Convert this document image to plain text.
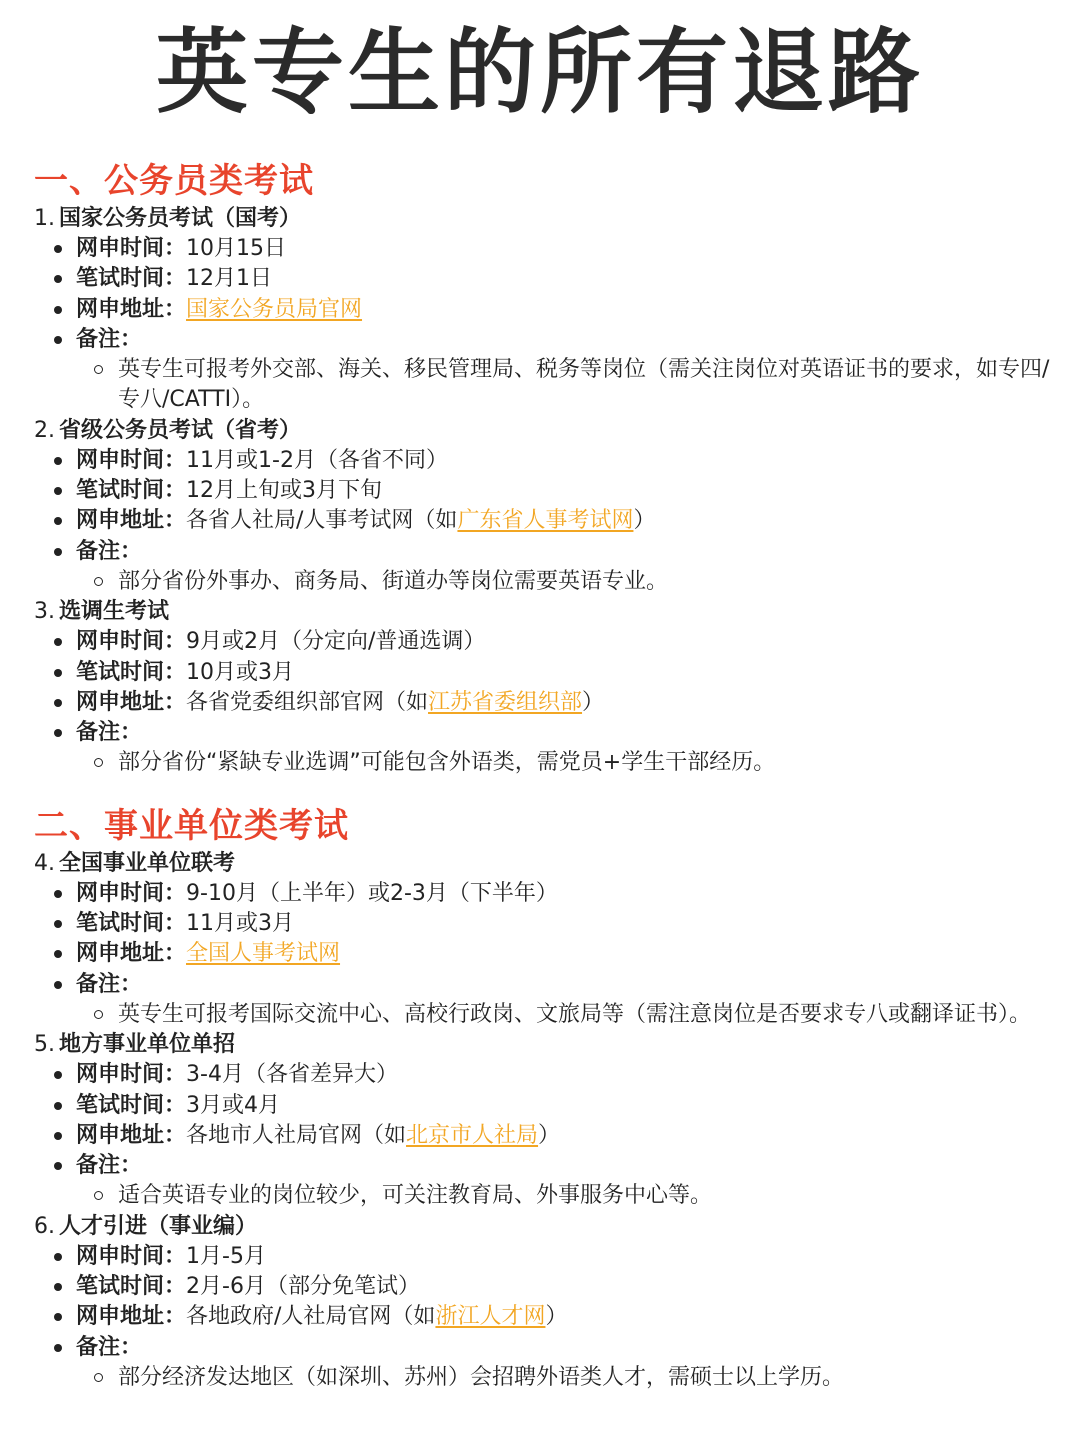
英专生的所有退路
一、公务员类考试
1. 国家公务员考试（国考）
网申时间：10月15日
笔试时间：12月1日
网申地址：国家公务员局官网
备注：
英专生可报考外交部、海关、移民管理局、税务等岗位（需关注岗位对英语证书的要求，如专四/专八/CATTI）。
2. 省级公务员考试（省考）
网申时间：11月或1-2月（各省不同）
笔试时间：12月上旬或3月下旬
网申地址：各省人社局/人事考试网（如广东省人事考试网）
备注：
部分省份外事办、商务局、街道办等岗位需要英语专业。
3. 选调生考试
网申时间：9月或2月（分定向/普通选调）
笔试时间：10月或3月
网申地址：各省党委组织部官网（如江苏省委组织部）
备注：
部分省份“紧缺专业选调”可能包含外语类，需党员+学生干部经历。
二、事业单位类考试
4. 全国事业单位联考
网申时间：9-10月（上半年）或2-3月（下半年）
笔试时间：11月或3月
网申地址：全国人事考试网
备注：
英专生可报考国际交流中心、高校行政岗、文旅局等（需注意岗位是否要求专八或翻译证书）。
5. 地方事业单位单招
网申时间：3-4月（各省差异大）
笔试时间：3月或4月
网申地址：各地市人社局官网（如北京市人社局）
备注：
适合英语专业的岗位较少，可关注教育局、外事服务中心等。
6. 人才引进（事业编）
网申时间：1月-5月
笔试时间：2月-6月（部分免笔试）
网申地址：各地政府/人社局官网（如浙江人才网）
备注：
部分经济发达地区（如深圳、苏州）会招聘外语类人才，需硕士以上学历。
